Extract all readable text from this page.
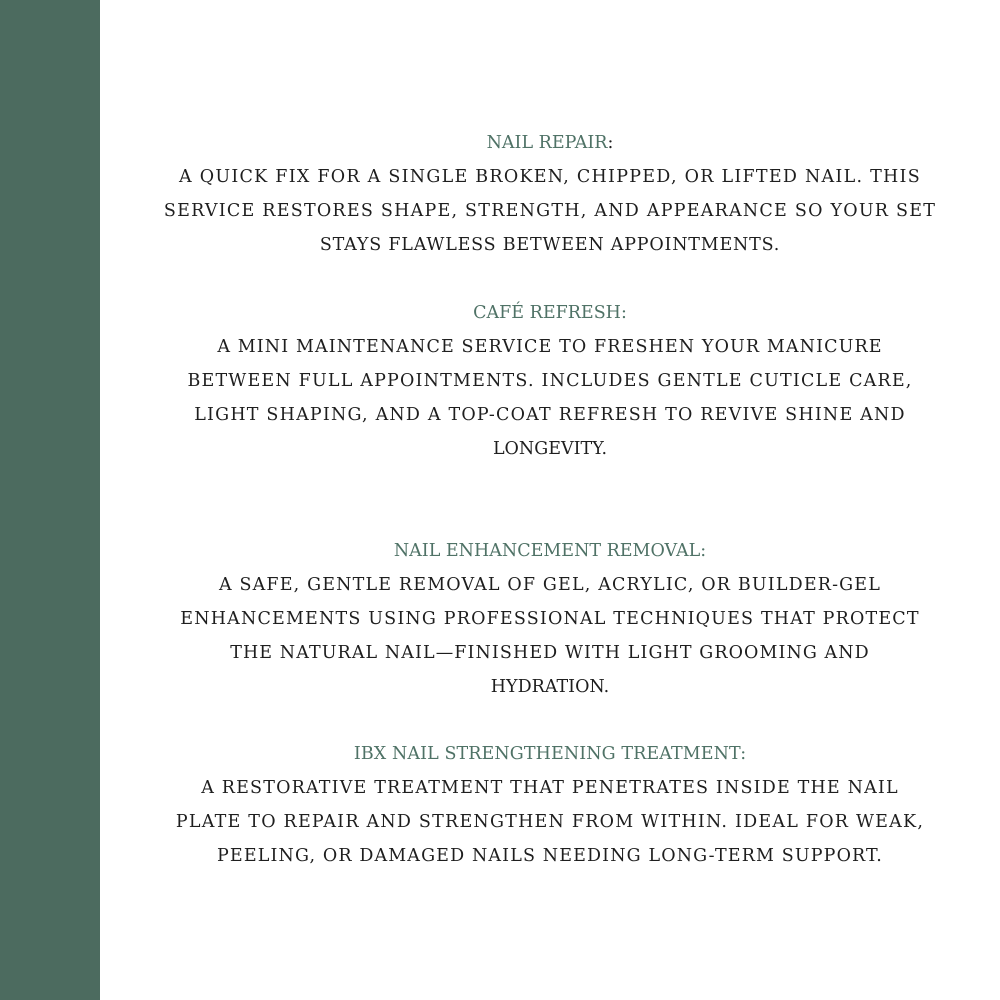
NAIL REPAIR:
A QUICK FIX FOR A SINGLE BROKEN, CHIPPED, OR LIFTED NAIL. THIS
SERVICE RESTORES SHAPE, STRENGTH, AND APPEARANCE SO YOUR SET
STAYS FLAWLESS BETWEEN APPOINTMENTS.
CAFÉ REFRESH:
A MINI MAINTENANCE SERVICE TO FRESHEN YOUR MANICURE
BETWEEN FULL APPOINTMENTS. INCLUDES GENTLE CUTICLE CARE,
LIGHT SHAPING, AND A TOP-COAT REFRESH TO REVIVE SHINE AND
LONGEVITY.
NAIL ENHANCEMENT REMOVAL:
A SAFE, GENTLE REMOVAL OF GEL, ACRYLIC, OR BUILDER-GEL
ENHANCEMENTS USING PROFESSIONAL TECHNIQUES THAT PROTECT
THE NATURAL NAIL—FINISHED WITH LIGHT GROOMING AND
HYDRATION.
IBX NAIL STRENGTHENING TREATMENT:
A RESTORATIVE TREATMENT THAT PENETRATES INSIDE THE NAIL
PLATE TO REPAIR AND STRENGTHEN FROM WITHIN. IDEAL FOR WEAK,
PEELING, OR DAMAGED NAILS NEEDING LONG-TERM SUPPORT.
